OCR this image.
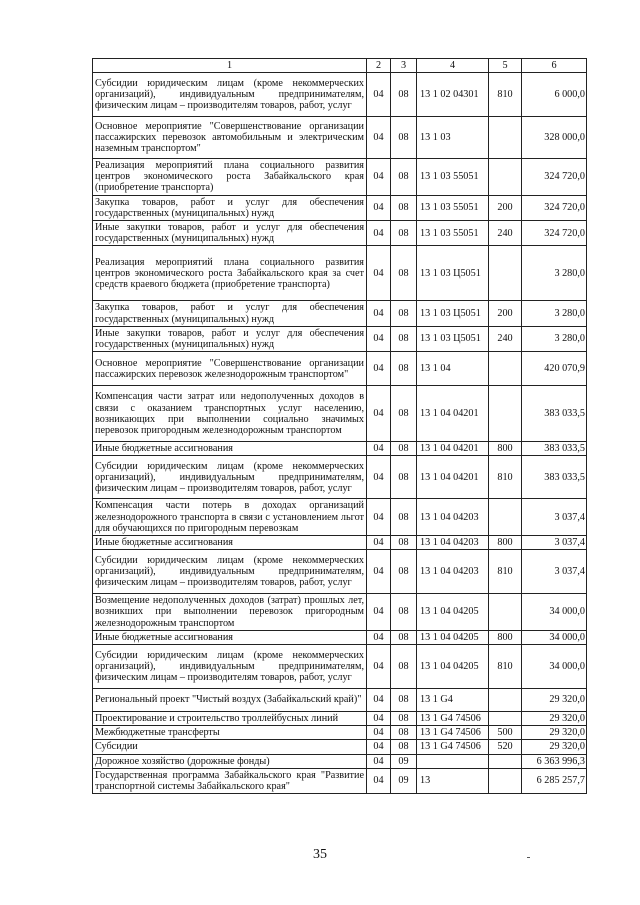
1	2	3	4	5	6
Субсидии юридическим лицам (кроме некоммерческих организаций), индивидуальным предпринимателям, физическим лицам – производителям товаров, работ, услуг	04	08	13 1 02 04301	810	6 000,0
Основное мероприятие "Совершенствование организации пассажирских перевозок автомобильным и электрическим наземным транспортом"	04	08	13 1 03		328 000,0
Реализация мероприятий плана социального развития центров экономического роста Забайкальского края (приобретение транспорта)	04	08	13 1 03 55051		324 720,0
Закупка товаров, работ и услуг для обеспечения государственных (муниципальных) нужд	04	08	13 1 03 55051	200	324 720,0
Иные закупки товаров, работ и услуг для обеспечения государственных (муниципальных) нужд	04	08	13 1 03 55051	240	324 720,0
Реализация мероприятий плана социального развития центров экономического роста Забайкальского края за счет средств краевого бюджета (приобретение транспорта)	04	08	13 1 03 Ц5051		3 280,0
Закупка товаров, работ и услуг для обеспечения государственных (муниципальных) нужд	04	08	13 1 03 Ц5051	200	3 280,0
Иные закупки товаров, работ и услуг для обеспечения государственных (муниципальных) нужд	04	08	13 1 03 Ц5051	240	3 280,0
Основное мероприятие "Совершенствование организации пассажирских перевозок железнодорожным транспортом"	04	08	13 1 04		420 070,9
Компенсация части затрат или недополученных доходов в связи с оказанием транспортных услуг населению, возникающих при выполнении социально значимых перевозок пригородным железнодорожным транспортом	04	08	13 1 04 04201		383 033,5
Иные бюджетные ассигнования	04	08	13 1 04 04201	800	383 033,5
Субсидии юридическим лицам (кроме некоммерческих организаций), индивидуальным предпринимателям, физическим лицам – производителям товаров, работ, услуг	04	08	13 1 04 04201	810	383 033,5
Компенсация части потерь в доходах организаций железнодорожного транспорта в связи с установлением льгот для обучающихся по пригородным перевозкам	04	08	13 1 04 04203		3 037,4
Иные бюджетные ассигнования	04	08	13 1 04 04203	800	3 037,4
Субсидии юридическим лицам (кроме некоммерческих организаций), индивидуальным предпринимателям, физическим лицам – производителям товаров, работ, услуг	04	08	13 1 04 04203	810	3 037,4
Возмещение недополученных доходов (затрат) прошлых лет, возникших при выполнении перевозок пригородным железнодорожным транспортом	04	08	13 1 04 04205		34 000,0
Иные бюджетные ассигнования	04	08	13 1 04 04205	800	34 000,0
Субсидии юридическим лицам (кроме некоммерческих организаций), индивидуальным предпринимателям, физическим лицам – производителям товаров, работ, услуг	04	08	13 1 04 04205	810	34 000,0
Региональный проект "Чистый воздух (Забайкальский край)"	04	08	13 1 G4		29 320,0
Проектирование и строительство троллейбусных линий	04	08	13 1 G4 74506		29 320,0
Межбюджетные трансферты	04	08	13 1 G4 74506	500	29 320,0
Субсидии	04	08	13 1 G4 74506	520	29 320,0
Дорожное хозяйство (дорожные фонды)	04	09			6 363 996,3
Государственная программа Забайкальского края "Развитие транспортной системы Забайкальского края"	04	09	13		6 285 257,7
35
